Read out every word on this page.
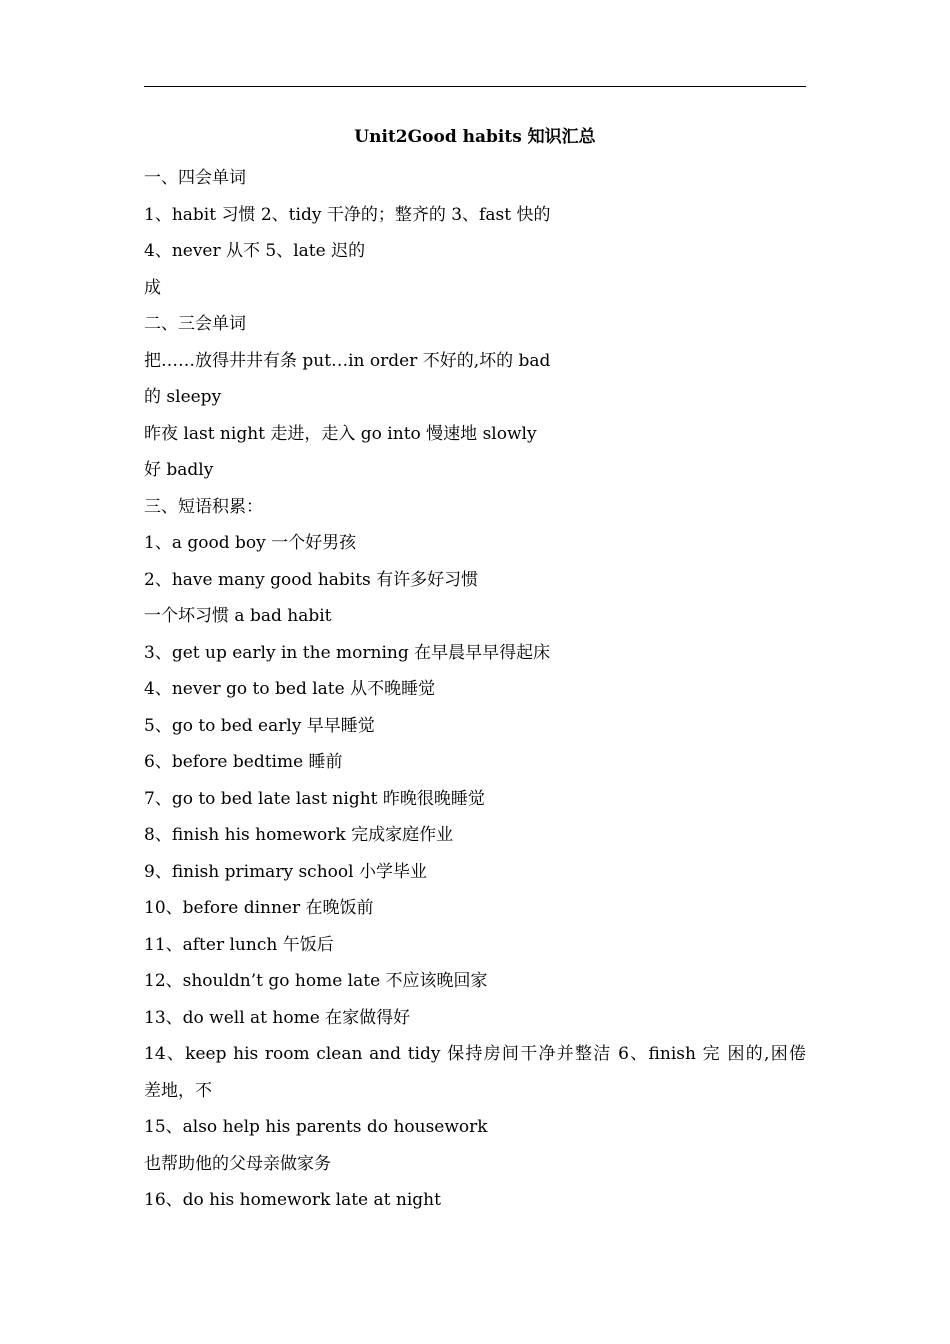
Unit2Good habits 知识汇总
一、四会单词
1、habit 习惯 2、tidy 干净的；整齐的 3、fast 快的
4、never 从不 5、late 迟的
成
二、三会单词
把……放得井井有条 put…in order 不好的,坏的 bad
的 sleepy
昨夜 last night 走进，走入 go into 慢速地 slowly
好 badly
三、短语积累：
1、a good boy 一个好男孩
2、have many good habits 有许多好习惯
一个坏习惯 a bad habit
3、get up early in the morning 在早晨早早得起床
4、never go to bed late 从不晚睡觉
5、go to bed early 早早睡觉
6、before bedtime 睡前
7、go to bed late last night 昨晚很晚睡觉
8、finish his homework 完成家庭作业
9、finish primary school 小学毕业
10、before dinner 在晚饭前
11、after lunch 午饭后
12、shouldn’t go home late 不应该晚回家
13、do well at home 在家做得好
14、keep his room clean and tidy 保持房间干净并整洁 6、finish 完 困的,困倦
差地，不
15、also help his parents do housework
也帮助他的父母亲做家务
16、do his homework late at night
